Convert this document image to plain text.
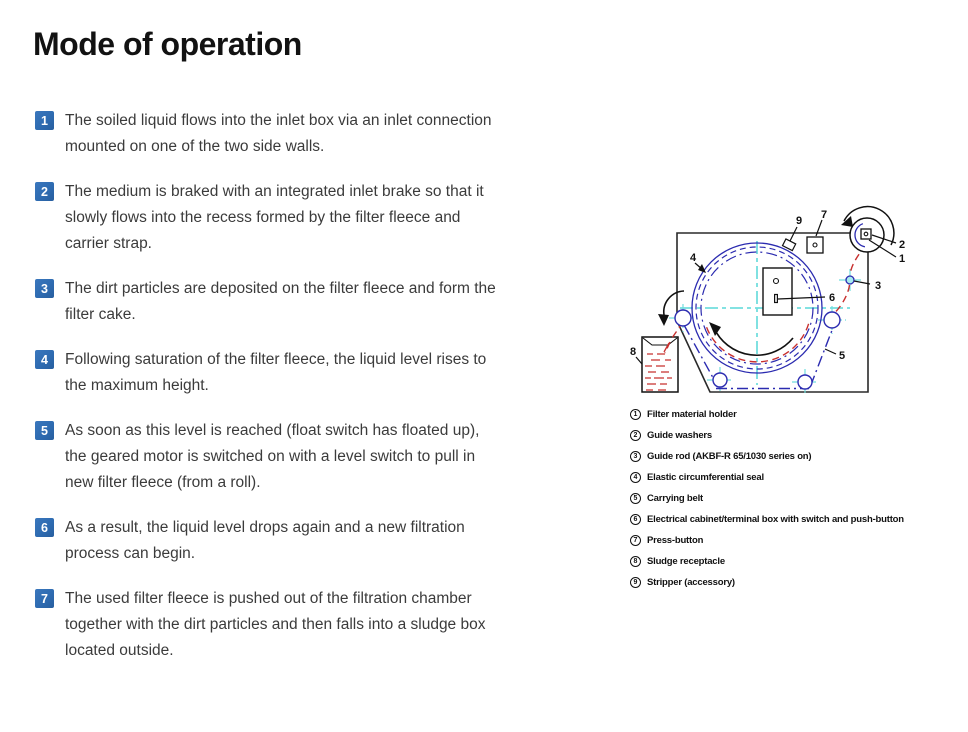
Mode of operation
1	The soiled liquid flows into the inlet box via an inlet connection mounted on one of the two side walls.

2	The medium is braked with an integrated inlet brake so that it slowly flows into the recess formed by the filter fleece and carrier strap.

3	The dirt particles are deposited on the filter fleece and form the filter cake.

4	Following saturation of the filter fleece, the liquid level rises to the maximum height.

5	As soon as this level is reached (float switch has floated up), the geared motor is switched on with a level switch to pull in new filter fleece (from a roll).

6	As a result, the liquid level drops again and a new filtration process can begin.

7	The used filter fleece is pushed out of the filtration chamber together with the dirt particles and then falls into a sludge box located outside.

2
1
3
4
5
6
7
8
9
1	Filter material holder
2	Guide washers
3	Guide rod (AKBF-R 65/1030 series on)
4	Elastic circumferential seal
5	Carrying belt
6	Electrical cabinet/terminal box with switch and push-button
7	Press-button
8	Sludge receptacle
9	Stripper (accessory)
